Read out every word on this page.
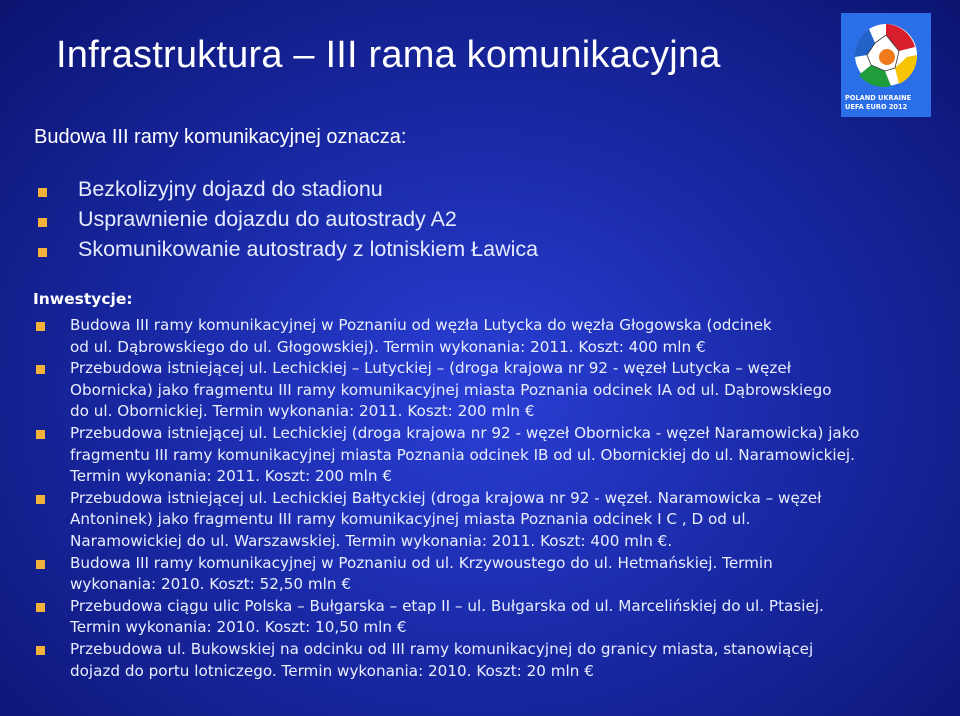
Infrastruktura – III rama komunikacyjna
POLAND UKRAINE
UEFA EURO 2012
Budowa III ramy komunikacyjnej oznacza:
Bezkolizyjny dojazd do stadionu
Usprawnienie dojazdu do autostrady A2
Skomunikowanie autostrady z lotniskiem Ławica
Inwestycje:
Budowa III ramy komunikacyjnej w Poznaniu od węzła Lutycka do węzła Głogowska (odcinek
od ul. Dąbrowskiego do ul. Głogowskiej). Termin wykonania: 2011. Koszt: 400 mln €
Przebudowa istniejącej ul. Lechickiej – Lutyckiej – (droga krajowa nr 92 - węzeł Lutycka – węzeł
Obornicka) jako fragmentu III ramy komunikacyjnej miasta Poznania odcinek IA od ul. Dąbrowskiego
do ul. Obornickiej. Termin wykonania: 2011. Koszt: 200 mln €
Przebudowa istniejącej ul. Lechickiej (droga krajowa nr 92 - węzeł Obornicka - węzeł Naramowicka) jako
fragmentu III ramy komunikacyjnej miasta Poznania odcinek IB od ul. Obornickiej do ul. Naramowickiej.
Termin wykonania: 2011. Koszt: 200 mln €
Przebudowa istniejącej ul. Lechickiej Bałtyckiej (droga krajowa nr 92 - węzeł. Naramowicka – węzeł
Antoninek) jako fragmentu III ramy komunikacyjnej miasta Poznania odcinek I C , D od ul.
Naramowickiej do ul. Warszawskiej. Termin wykonania: 2011. Koszt: 400 mln €.
Budowa III ramy komunikacyjnej w Poznaniu od ul. Krzywoustego do ul. Hetmańskiej. Termin
wykonania: 2010. Koszt: 52,50 mln €
Przebudowa ciągu ulic Polska – Bułgarska – etap II – ul. Bułgarska od ul. Marcelińskiej do ul. Ptasiej.
Termin wykonania: 2010. Koszt: 10,50 mln €
Przebudowa ul. Bukowskiej na odcinku od III ramy komunikacyjnej do granicy miasta, stanowiącej
dojazd do portu lotniczego. Termin wykonania: 2010. Koszt: 20 mln €
